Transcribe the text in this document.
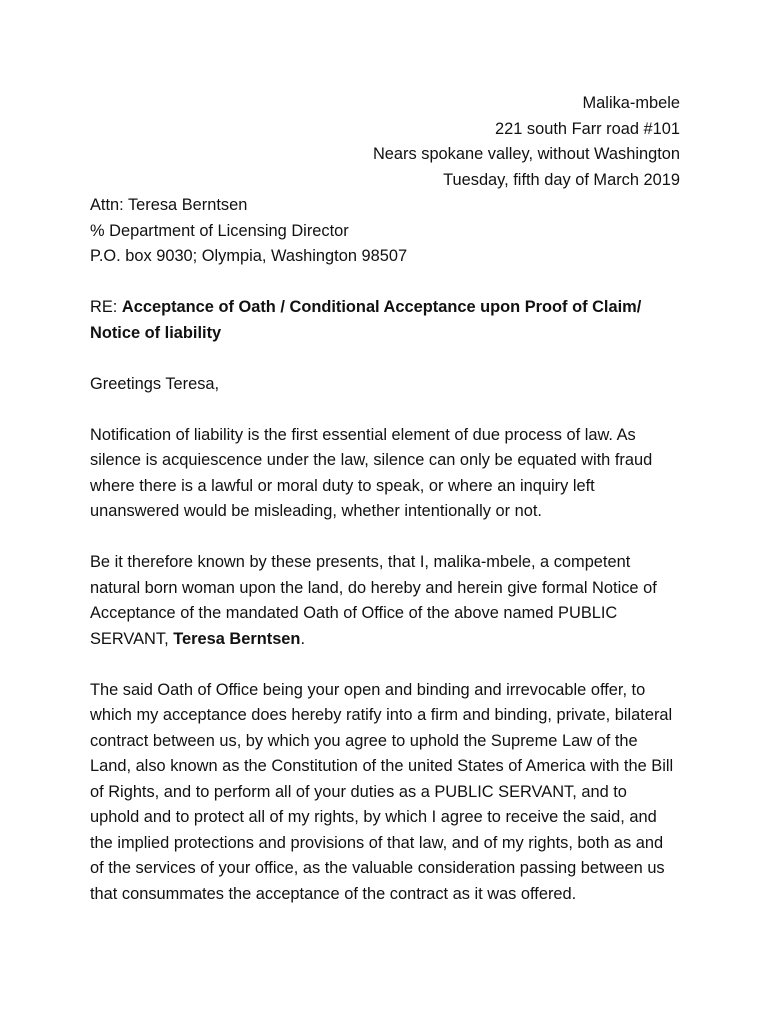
Malika-mbele
221 south Farr road #101
Nears spokane valley, without Washington
Tuesday, fifth day of March 2019
Attn: Teresa Berntsen
% Department of Licensing Director
P.O. box 9030; Olympia, Washington 98507

RE: Acceptance of Oath / Conditional Acceptance upon Proof of Claim/ Notice of liability

Greetings Teresa,

Notification of liability is the first essential element of due process of law. As silence is acquiescence under the law, silence can only be equated with fraud where there is a lawful or moral duty to speak, or where an inquiry left unanswered would be misleading, whether intentionally or not.

Be it therefore known by these presents, that I, malika-mbele, a competent natural born woman upon the land, do hereby and herein give formal Notice of Acceptance of the mandated Oath of Office of the above named PUBLIC SERVANT, Teresa Berntsen.

The said Oath of Office being your open and binding and irrevocable offer, to which my acceptance does hereby ratify into a firm and binding, private, bilateral contract between us, by which you agree to uphold the Supreme Law of the Land, also known as the Constitution of the united States of America with the Bill of Rights, and to perform all of your duties as a PUBLIC SERVANT, and to uphold and to protect all of my rights, by which I agree to receive the said, and the implied protections and provisions of that law, and of my rights, both as and of the services of your office, as the valuable consideration passing between us that consummates the acceptance of the contract as it was offered.
